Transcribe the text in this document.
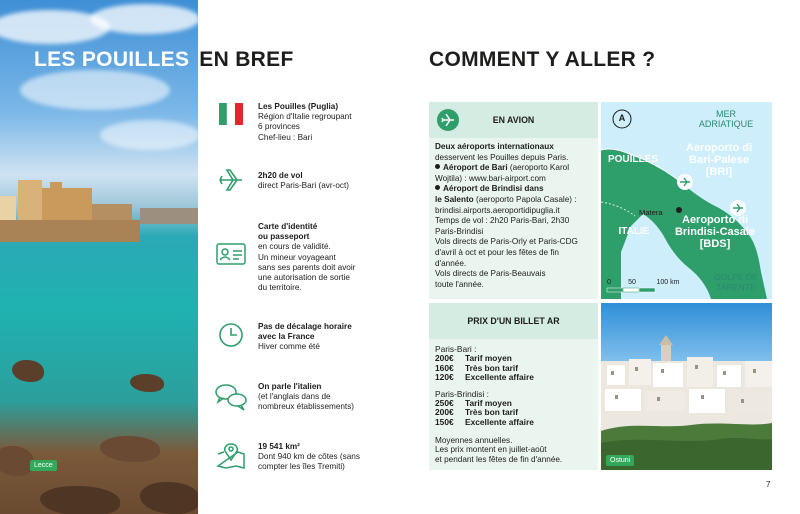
Lecce
LES POUILLES EN BREF
Les Pouilles (Puglia)
Région d'Italie regroupant
6 provinces
Chef-lieu : Bari
2h20 de vol
direct Paris-Bari (avr-oct)
Carte d'identité
ou passeport
en cours de validité.
Un mineur voyageant
sans ses parents doit avoir
une autorisation de sortie
du territoire.
Pas de décalage horaire
avec la France
Hiver comme été
On parle l'italien
(et l'anglais dans de
nombreux établissements)
19 541 km²
Dont 940 km de côtes (sans
compter les îles Tremiti)
COMMENT Y ALLER ?
EN AVION
Deux aéroports internationaux
desservent les Pouilles depuis Paris.
Aéroport de Bari (aeroporto Karol
Wojtila) : www.bari-airport.com
Aéroport de Brindisi dans
le Salento (aeroporto Papola Casale) :
brindisi.airports.aeroportidipuglia.it
Temps de vol : 2h20 Paris-Bari, 2h30
Paris-Brindisi
Vols directs de Paris-Orly et Paris-CDG
d'avril à oct et pour les fêtes de fin
d'année.
Vols directs de Paris-Beauvais
toute l'année.
PRIX D'UN BILLET AR
Paris-Bari :
200€	Tarif moyen
160€	Très bon tarif
120€	Excellente affaire
Paris-Brindisi :
250€	Tarif moyen
200€	Très bon tarif
150€	Excellente affaire
Moyennes annuelles.
Les prix montent en juillet-août
et pendant les fêtes de fin d'année.
A	MER
ADRIATIQUE
POUILLES
Aeroporto di
Bari-Palese
[BRI]
Matera
Aeroporto di
Brindisi-Casale
[BDS]
ITALIE
GOLFE DE
TARENTE
0	50	100 km
Ostuni
7
